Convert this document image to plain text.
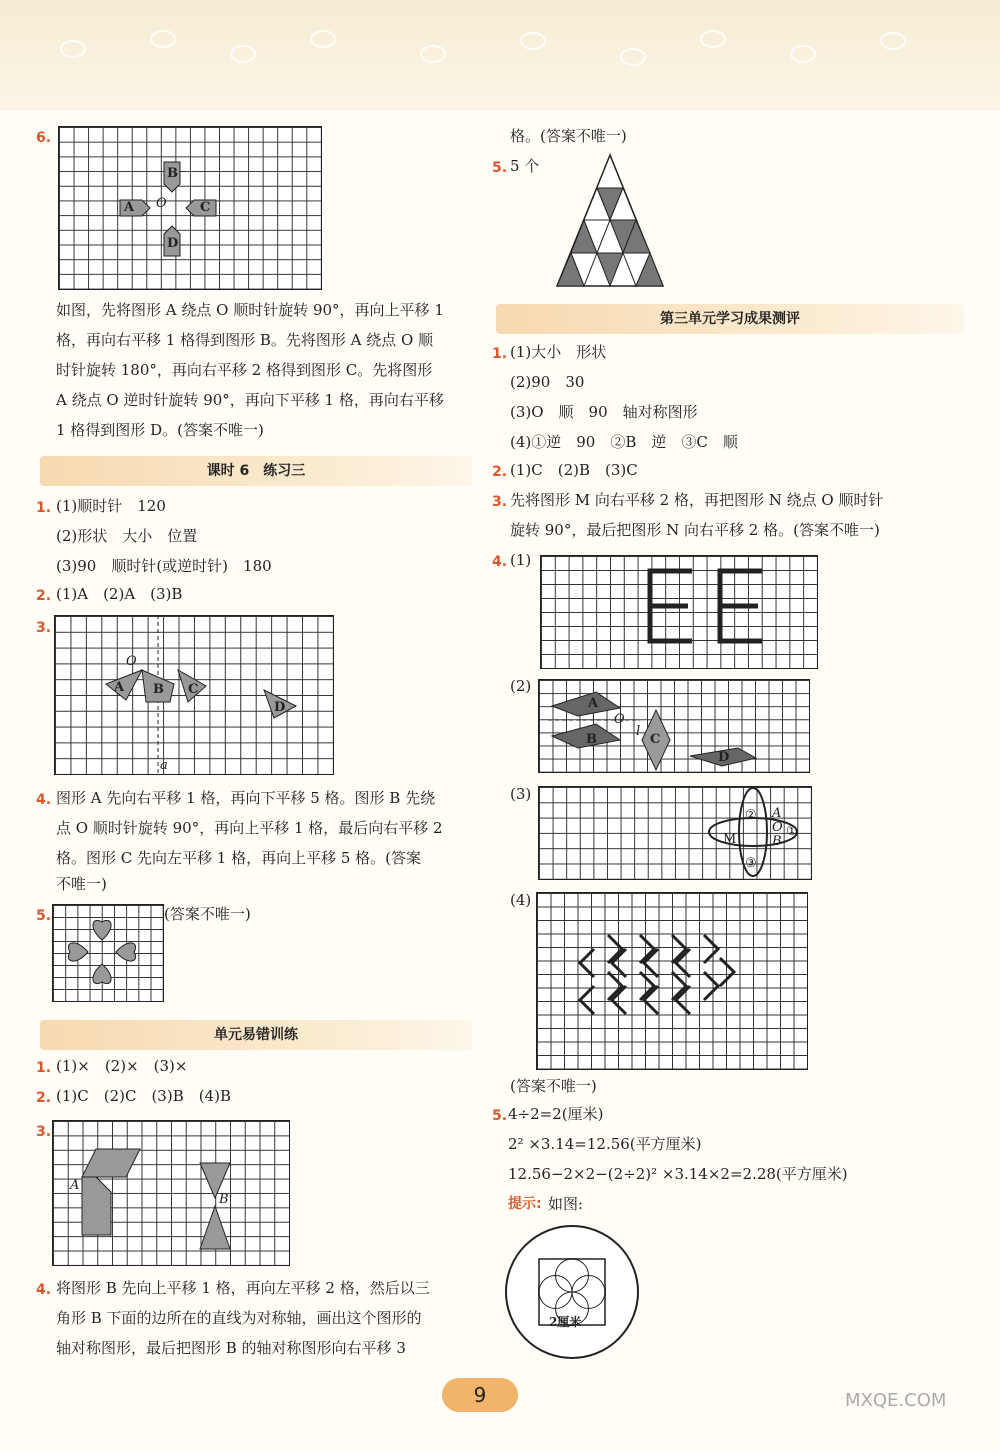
6.
A
B
C
D
O
如图，先将图形 A 绕点 O 顺时针旋转 90°，再向上平移 1
格，再向右平移 1 格得到图形 B。先将图形 A 绕点 O 顺
时针旋转 180°，再向右平移 2 格得到图形 C。先将图形
A 绕点 O 逆时针旋转 90°，再向下平移 1 格，再向右平移
1 格得到图形 D。(答案不唯一)
课时 6　练习三
1. (1)顺时针　120
(2)形状　大小　位置
(3)90　顺时针(或逆时针)　180
2. (1)A　(2)A　(3)B
3.
O
A B C
D
a
4. 图形 A 先向右平移 1 格，再向下平移 5 格。图形 B 先绕
点 O 顺时针旋转 90°，再向上平移 1 格，最后向右平移 2
格。图形 C 先向左平移 1 格，再向上平移 5 格。(答案
不唯一)
5.	(答案不唯一)
单元易错训练
1. (1)×　(2)×　(3)×
2. (1)C　(2)C　(3)B　(4)B
3.
A
B
4. 将图形 B 先向上平移 1 格，再向左平移 2 格，然后以三
角形 B 下面的边所在的直线为对称轴，画出这个图形的
轴对称图形，最后把图形 B 的轴对称图形向右平移 3
格。(答案不唯一)
5. 5 个
第三单元学习成果测评
1. (1)大小　形状
(2)90　30
(3)O　顺　90　轴对称图形
(4)①逆　90　②B　逆　③C　顺
2. (1)C　(2)B　(3)C
3. 先将图形 M 向右平移 2 格，再把图形 N 绕点 O 顺时针
旋转 90°，最后把图形 N 向右平移 2 格。(答案不唯一)
4. (1)
(2)
A
B
O
l
C
D
(3)
② A
O
B
①
M
③
(4)
(答案不唯一)
5. 4÷2=2(厘米)
2² ×3.14=12.56(平方厘米)
12.56−2×2−(2÷2)² ×3.14×2=2.28(平方厘米)
提示: 如图:
2厘米
9	MXQE.COM
